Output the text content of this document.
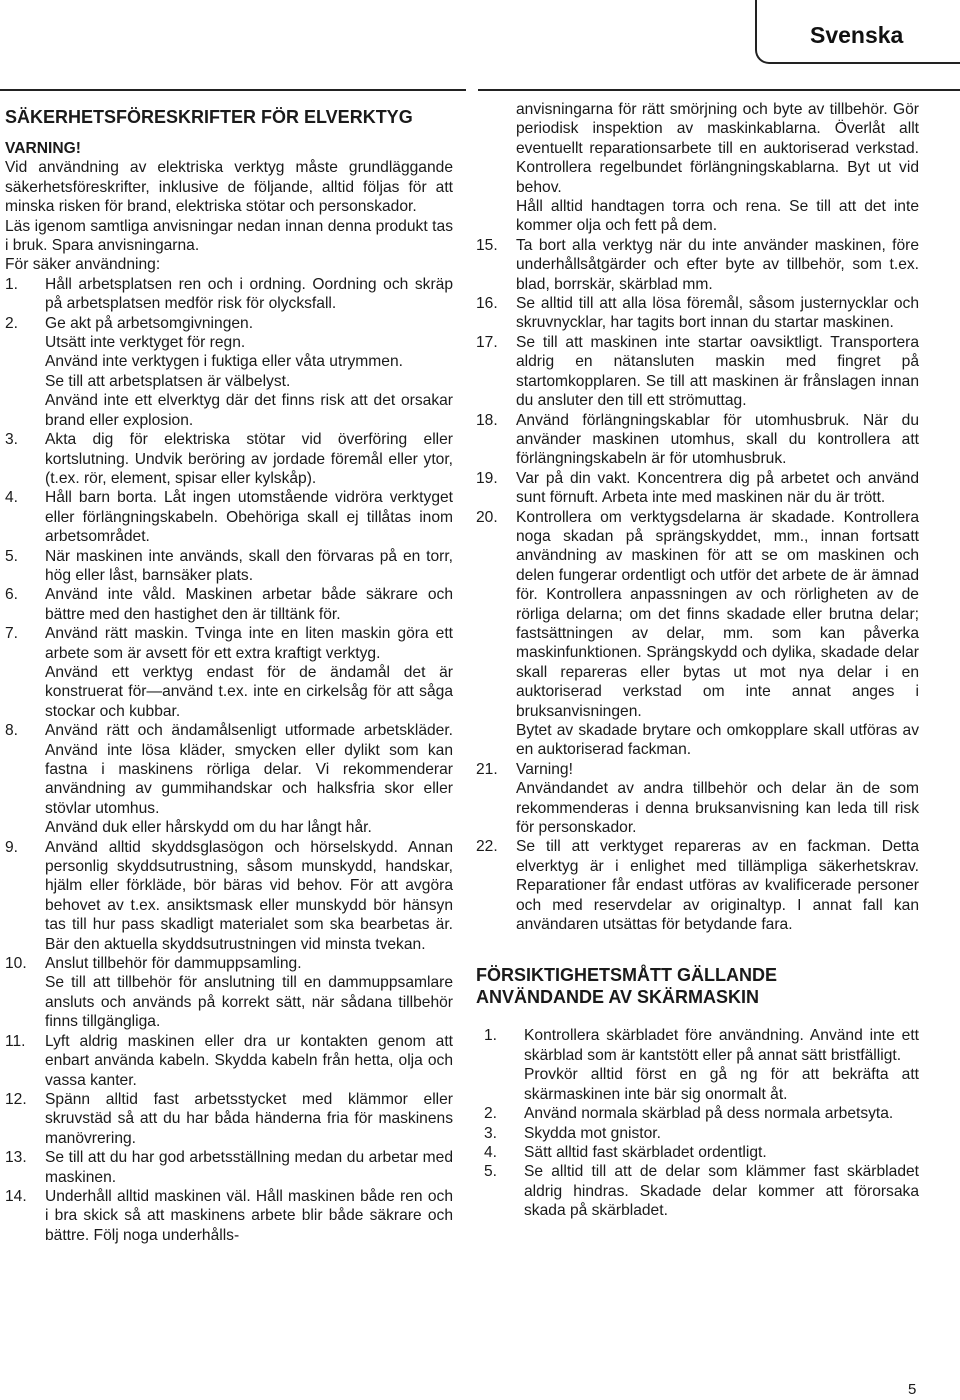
Svenska
SÄKERHETSFÖRESKRIFTER FÖR ELVERKTYG
VARNING!
Vid användning av elektriska verktyg måste grundläggande säkerhetsföreskrifter, inklusive de följande, alltid följas för att minska risken för brand, elektriska stötar och personskador.
Läs igenom samtliga anvisningar nedan innan denna produkt tas i bruk. Spara anvisningarna.
För säker användning:
1. Håll arbetsplatsen ren och i ordning. Oordning och skräp på arbetsplatsen medför risk för olycksfall.
2. Ge akt på arbetsomgivningen.
Utsätt inte verktyget för regn.
Använd inte verktygen i fuktiga eller våta utrymmen.
Se till att arbetsplatsen är välbelyst.
Använd inte ett elverktyg där det finns risk att det orsakar brand eller explosion.
3. Akta dig för elektriska stötar vid överföring eller kortslutning. Undvik beröring av jordade föremål eller ytor, (t.ex. rör, element, spisar eller kylskåp).
4. Håll barn borta. Låt ingen utomstående vidröra verktyget eller förlängningskabeln. Obehöriga skall ej tillåtas inom arbetsområdet.
5. När maskinen inte används, skall den förvaras på en torr, hög eller låst, barnsäker plats.
6. Använd inte våld. Maskinen arbetar både säkrare och bättre med den hastighet den är tilltänk för.
7. Använd rätt maskin. Tvinga inte en liten maskin göra ett arbete som är avsett för ett extra kraftigt verktyg.
Använd ett verktyg endast för de ändamål det är konstruerat för—använd t.ex. inte en cirkelsåg för att såga stockar och kubbar.
8. Använd rätt och ändamålsenligt utformade arbetskläder. Använd inte lösa kläder, smycken eller dylikt som kan fastna i maskinens rörliga delar. Vi rekommenderar användning av gummihandskar och halksfria skor eller stövlar utomhus.
Använd duk eller hårskydd om du har långt hår.
9. Använd alltid skyddsglasögon och hörselskydd. Annan personlig skyddsutrustning, såsom munskydd, handskar, hjälm eller förkläde, bör bäras vid behov. För att avgöra behovet av t.ex. ansiktsmask eller munskydd bör hänsyn tas till hur pass skadligt materialet som ska bearbetas är. Bär den aktuella skyddsutrustningen vid minsta tvekan.
10. Anslut tillbehör för dammuppsamling.
Se till att tillbehör för anslutning till en dammuppsamlare ansluts och används på korrekt sätt, när sådana tillbehör finns tillgängliga.
11. Lyft aldrig maskinen eller dra ur kontakten genom att enbart använda kabeln. Skydda kabeln från hetta, olja och vassa kanter.
12. Spänn alltid fast arbetsstycket med klämmor eller skruvstäd så att du har båda händerna fria för maskinens manövrering.
13. Se till att du har god arbetsställning medan du arbetar med maskinen.
14. Underhåll alltid maskinen väl. Håll maskinen både ren och i bra skick så att maskinens arbete blir både säkrare och bättre. Följ noga underhålls-
anvisningarna för rätt smörjning och byte av tillbehör. Gör periodisk inspektion av maskinkablarna. Överlåt allt eventuellt reparationsarbete till en auktoriserad verkstad. Kontrollera regelbundet förlängningskablarna. Byt ut vid behov.
Håll alltid handtagen torra och rena. Se till att det inte kommer olja och fett på dem.
15. Ta bort alla verktyg när du inte använder maskinen, före underhållsåtgärder och efter byte av tillbehör, som t.ex. blad, borrskär, skärblad mm.
16. Se alltid till att alla lösa föremål, såsom justernycklar och skruvnycklar, har tagits bort innan du startar maskinen.
17. Se till att maskinen inte startar oavsiktligt. Transportera aldrig en nätansluten maskin med fingret på startomkopplaren. Se till att maskinen är frånslagen innan du ansluter den till ett strömuttag.
18. Använd förlängningskablar för utomhusbruk. När du använder maskinen utomhus, skall du kontrollera att förlängningskabeln är för utomhusbruk.
19. Var på din vakt. Koncentrera dig på arbetet och använd sunt förnuft. Arbeta inte med maskinen när du är trött.
20. Kontrollera om verktygsdelarna är skadade. Kontrollera noga skadan på sprängskyddet, mm., innan fortsatt användning av maskinen för att se om maskinen och delen fungerar ordentligt och utför det arbete de är ämnad för. Kontrollera anpassningen av och rörligheten av de rörliga delarna; om det finns skadade eller brutna delar; fastsättningen av delar, mm. som kan påverka maskinfunktionen. Sprängskydd och dylika, skadade delar skall repareras eller bytas ut mot nya delar i en auktoriserad verkstad om inte annat anges i bruksanvisningen.
Bytet av skadade brytare och omkopplare skall utföras av en auktoriserad fackman.
21. Varning!
Användandet av andra tillbehör och delar än de som rekommenderas i denna bruksanvisning kan leda till risk för personskador.
22. Se till att verktyget repareras av en fackman. Detta elverktyg är i enlighet med tillämpliga säkerhetskrav. Reparationer får endast utföras av kvalificerade personer och med reservdelar av originaltyp. I annat fall kan användaren utsättas för betydande fara.
FÖRSIKTIGHETSMÅTT GÄLLANDE
ANVÄNDANDE AV SKÄRMASKIN
1. Kontrollera skärbladet före användning. Använd inte ett skärblad som är kantstött eller på annat sätt bristfälligt.
Provkör alltid först en gå ng för att bekräfta att skärmaskinen inte bär sig onormalt åt.
2. Använd normala skärblad på dess normala arbetsyta.
3. Skydda mot gnistor.
4. Sätt alltid fast skärbladet ordentligt.
5. Se alltid till att de delar som klämmer fast skärbladet aldrig hindras. Skadade delar kommer att förorsaka skada på skärbladet.
5
